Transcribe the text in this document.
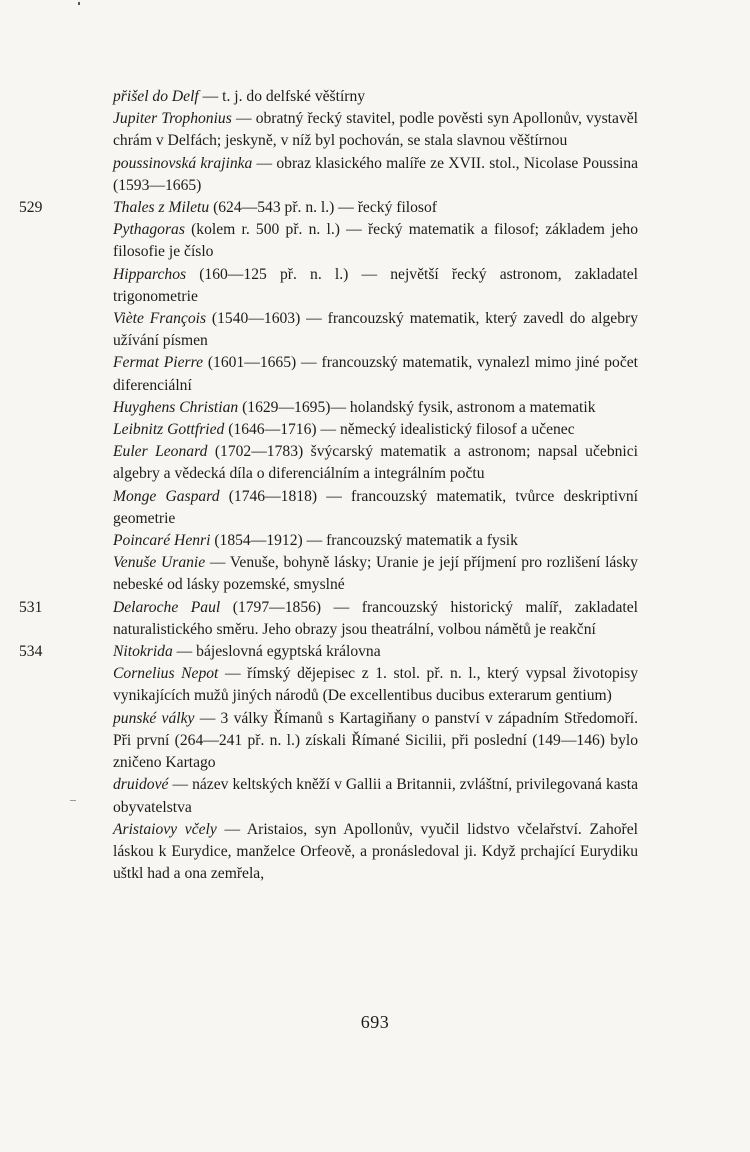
přišel do Delf — t. j. do delfské věštírny

Jupiter Trophonius — obratný řecký stavitel, podle pověsti syn Apollonův, vystavěl chrám v Delfách; jeskyně, v níž byl pochován, se stala slavnou věštírnou

poussinovská krajinka — obraz klasického malíře ze XVII. stol., Nicolase Poussina (1593—1665)

529	Thales z Miletu (624—543 př. n. l.) — řecký filosof

Pythagoras (kolem r. 500 př. n. l.) — řecký matematik a filosof; základem jeho filosofie je číslo

Hipparchos (160—125 př. n. l.) — největší řecký astronom, zakladatel trigonometrie

Viète François (1540—1603) — francouzský matematik, který zavedl do algebry užívání písmen

Fermat Pierre (1601—1665) — francouzský matematik, vynalezl mimo jiné počet diferenciální

Huyghens Christian (1629—1695)— holandský fysik, astronom a matematik

Leibnitz Gottfried (1646—1716) — německý idealistický filosof a učenec

Euler Leonard (1702—1783) švýcarský matematik a astronom; napsal učebnici algebry a vědecká díla o diferenciálním a integrálním počtu

Monge Gaspard (1746—1818) — francouzský matematik, tvůrce deskriptivní geometrie

Poincaré Henri (1854—1912) — francouzský matematik a fysik

Venuše Uranie — Venuše, bohyně lásky; Uranie je její příjmení pro rozlišení lásky nebeské od lásky pozemské, smyslné

531	Delaroche Paul (1797—1856) — francouzský historický malíř, zakladatel naturalistického směru. Jeho obrazy jsou theatrální, volbou námětů je reakční

534	Nitokrida — bájeslovná egyptská královna

Cornelius Nepot — římský dějepisec z 1. stol. př. n. l., který vypsal životopisy vynikajících mužů jiných národů (De excellentibus ducibus exterarum gentium)

punské války — 3 války Římanů s Kartagiňany o panství v západním Středomoří. Při první (264—241 př. n. l.) získali Římané Sicilii, při poslední (149—146) bylo zničeno Kartago

druidové — název keltských kněží v Gallii a Britannii, zvláštní, privilegovaná kasta obyvatelstva

Aristaiovy včely — Aristaios, syn Apollonův, vyučil lidstvo včelařství. Zahořel láskou k Eurydice, manželce Orfeově, a pronásledoval ji. Když prchající Eurydiku uštkl had a ona zemřela,

693
